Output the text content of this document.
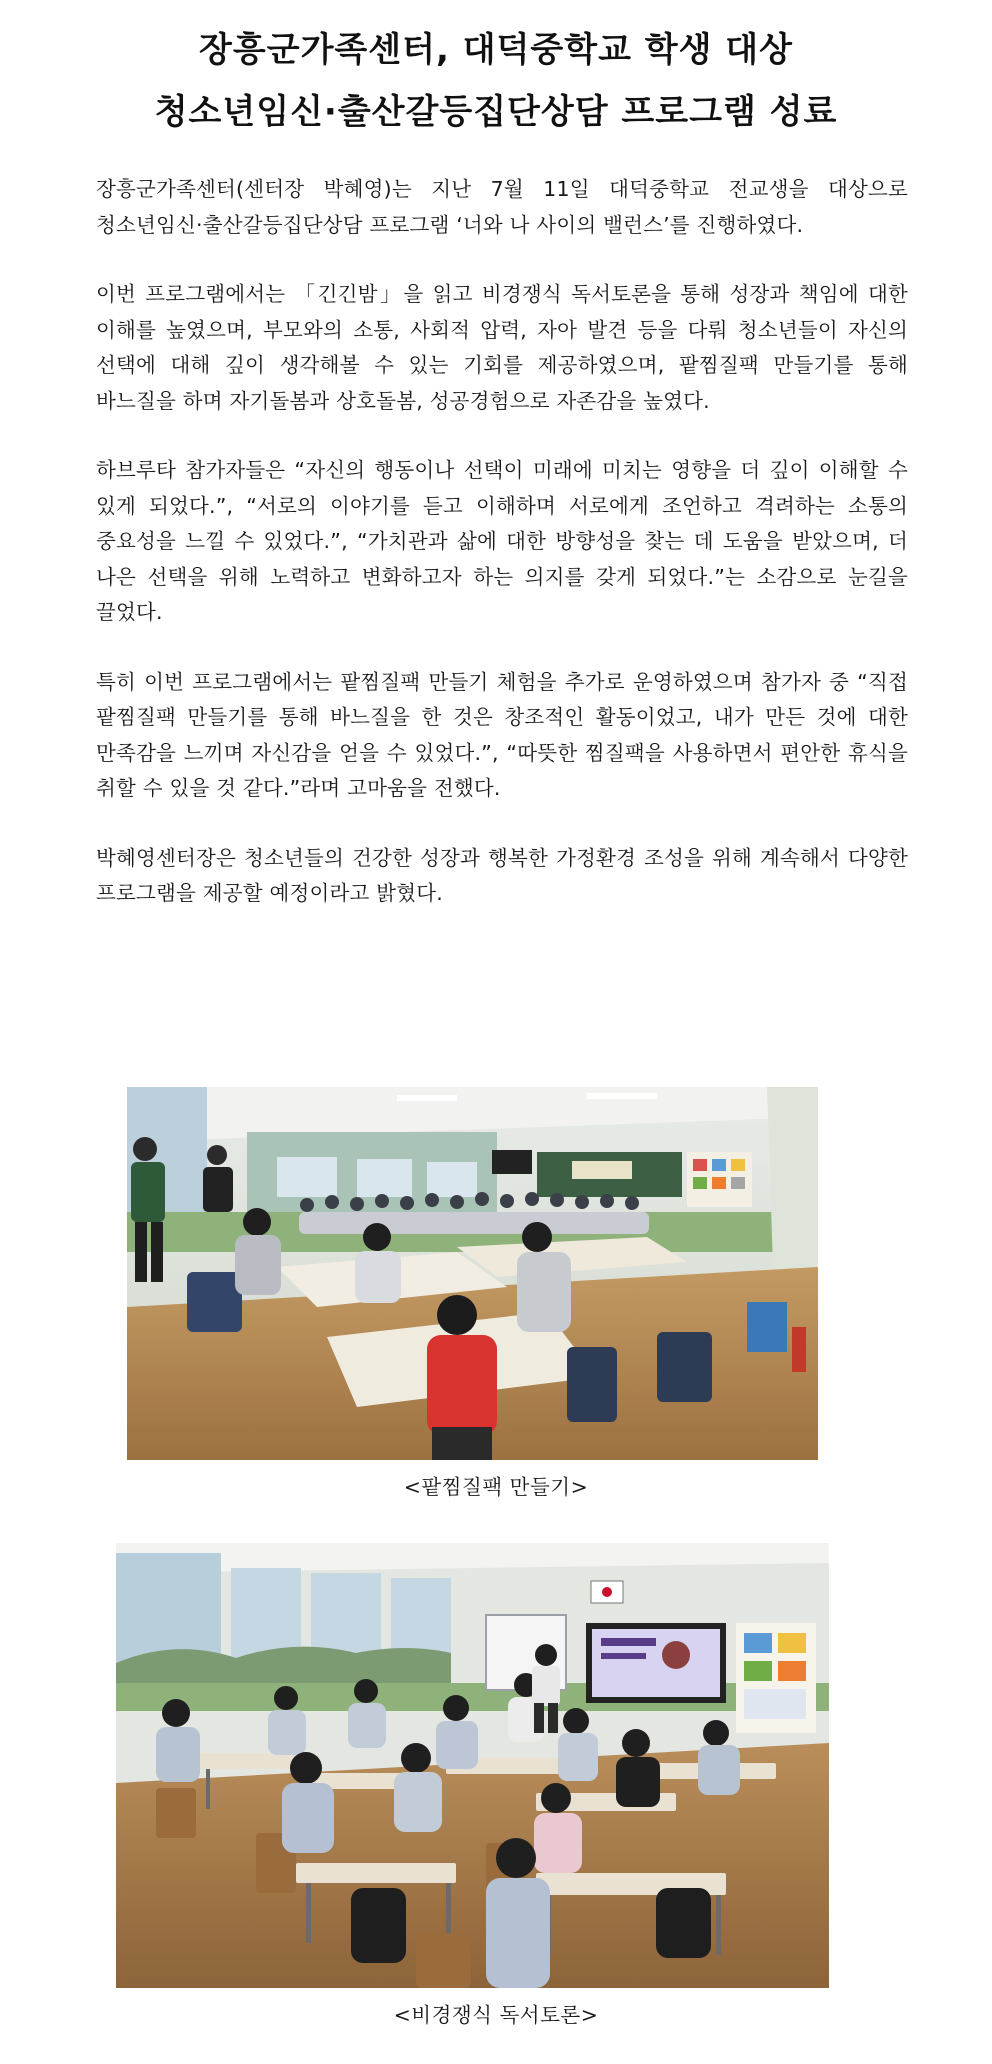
장흥군가족센터, 대덕중학교 학생 대상
청소년임신·출산갈등집단상담 프로그램 성료

장흥군가족센터(센터장 박혜영)는 지난 7월 11일 대덕중학교 전교생을 대상으로 청소년임신·출산갈등집단상담 프로그램 ‘너와 나 사이의 밸런스’를 진행하였다.

이번 프로그램에서는 「긴긴밤」을 읽고 비경쟁식 독서토론을 통해 성장과 책임에 대한 이해를 높였으며, 부모와의 소통, 사회적 압력, 자아 발견 등을 다뤄 청소년들이 자신의 선택에 대해 깊이 생각해볼 수 있는 기회를 제공하였으며, 팥찜질팩 만들기를 통해 바느질을 하며 자기돌봄과 상호돌봄, 성공경험으로 자존감을 높였다.

하브루타 참가자들은 “자신의 행동이나 선택이 미래에 미치는 영향을 더 깊이 이해할 수 있게 되었다.”, “서로의 이야기를 듣고 이해하며 서로에게 조언하고 격려하는 소통의 중요성을 느낄 수 있었다.”, “가치관과 삶에 대한 방향성을 찾는 데 도움을 받았으며, 더 나은 선택을 위해 노력하고 변화하고자 하는 의지를 갖게 되었다.”는 소감으로 눈길을 끌었다.

특히 이번 프로그램에서는 팥찜질팩 만들기 체험을 추가로 운영하였으며 참가자 중 “직접 팥찜질팩 만들기를 통해 바느질을 한 것은 창조적인 활동이었고, 내가 만든 것에 대한 만족감을 느끼며 자신감을 얻을 수 있었다.”, “따뜻한 찜질팩을 사용하면서 편안한 휴식을 취할 수 있을 것 같다.”라며 고마움을 전했다.

박혜영센터장은 청소년들의 건강한 성장과 행복한 가정환경 조성을 위해 계속해서 다양한 프로그램을 제공할 예정이라고 밝혔다.

<팥찜질팩 만들기>
<비경쟁식 독서토론>
